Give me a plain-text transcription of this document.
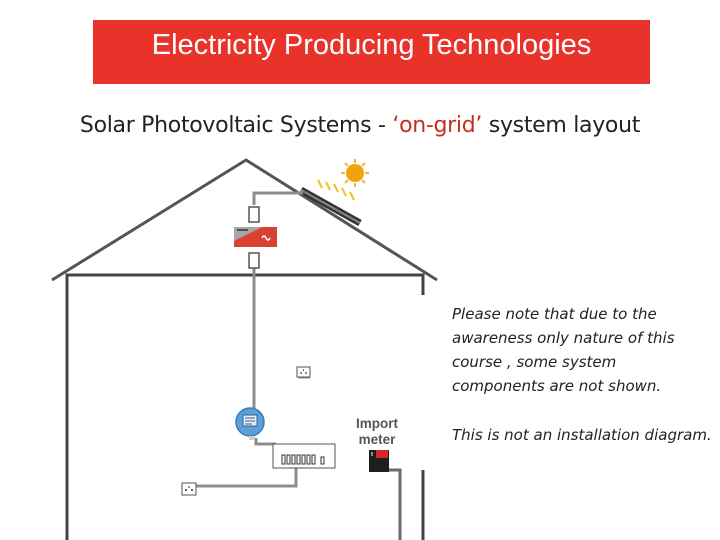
Electricity Producing Technologies
Solar Photovoltaic Systems - ‘on-grid’ system layout
Import
meter
Please note that due to the awareness only nature of this course , some system components are not shown.
This is not an installation diagram.
